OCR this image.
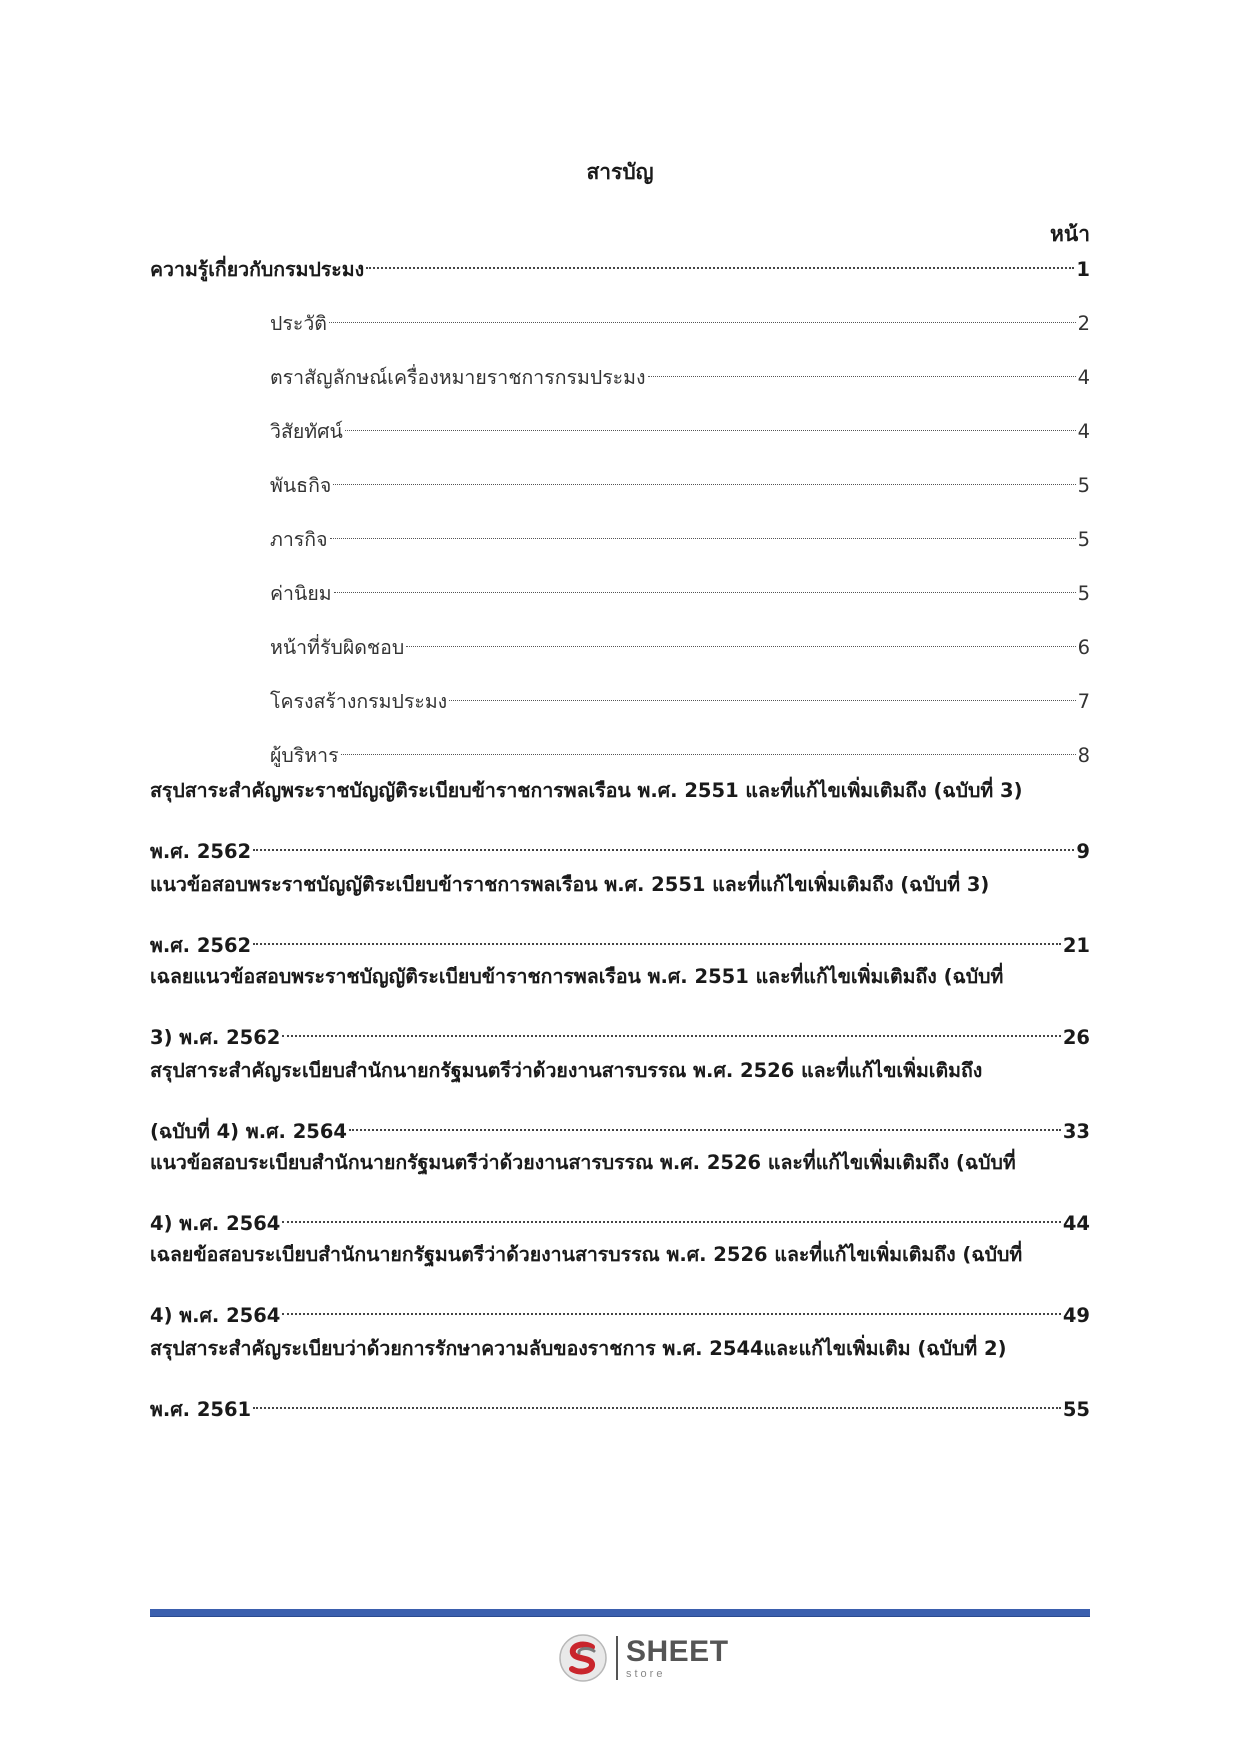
สารบัญ
หน้า
ความรู้เกี่ยวกับกรมประมง	1
ประวัติ	2
ตราสัญลักษณ์เครื่องหมายราชการกรมประมง	4
วิสัยทัศน์	4
พันธกิจ	5
ภารกิจ	5
ค่านิยม	5
หน้าที่รับผิดชอบ	6
โครงสร้างกรมประมง	7
ผู้บริหาร	8
สรุปสาระสำคัญพระราชบัญญัติระเบียบข้าราชการพลเรือน พ.ศ. 2551 และที่แก้ไขเพิ่มเติมถึง (ฉบับที่ 3)
พ.ศ. 2562	9
แนวข้อสอบพระราชบัญญัติระเบียบข้าราชการพลเรือน พ.ศ. 2551 และที่แก้ไขเพิ่มเติมถึง (ฉบับที่ 3)
พ.ศ. 2562	21
เฉลยแนวข้อสอบพระราชบัญญัติระเบียบข้าราชการพลเรือน พ.ศ. 2551 และที่แก้ไขเพิ่มเติมถึง (ฉบับที่
3) พ.ศ. 2562	26
สรุปสาระสำคัญระเบียบสำนักนายกรัฐมนตรีว่าด้วยงานสารบรรณ พ.ศ. 2526 และที่แก้ไขเพิ่มเติมถึง
(ฉบับที่ 4) พ.ศ. 2564	33
แนวข้อสอบระเบียบสำนักนายกรัฐมนตรีว่าด้วยงานสารบรรณ พ.ศ. 2526 และที่แก้ไขเพิ่มเติมถึง (ฉบับที่
4) พ.ศ. 2564	44
เฉลยข้อสอบระเบียบสำนักนายกรัฐมนตรีว่าด้วยงานสารบรรณ พ.ศ. 2526 และที่แก้ไขเพิ่มเติมถึง (ฉบับที่
4) พ.ศ. 2564	49
สรุปสาระสำคัญระเบียบว่าด้วยการรักษาความลับของราชการ พ.ศ. 2544และแก้ไขเพิ่มเติม (ฉบับที่ 2)
พ.ศ. 2561	55
SHEET
store
